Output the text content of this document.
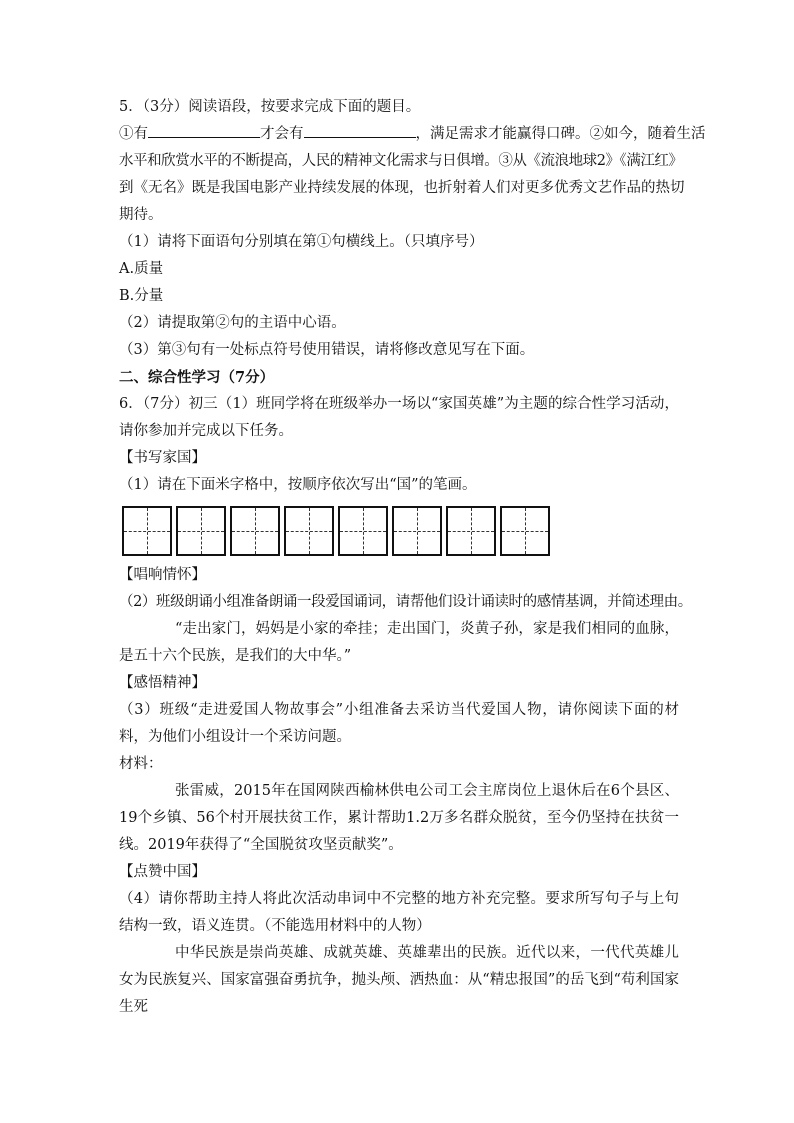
5．（3分）阅读语段，按要求完成下面的题目。
①有	才会有	，满足需求才能赢得口碑。②如今，随着生活
水平和欣赏水平的不断提高，人民的精神文化需求与日俱增。③从《流浪地球2》《满江红》
到《无名》既是我国电影产业持续发展的体现，也折射着人们对更多优秀文艺作品的热切
期待。
（1）请将下面语句分别填在第①句横线上。（只填序号）
A.质量
B.分量
（2）请提取第②句的主语中心语。
（3）第③句有一处标点符号使用错误，请将修改意见写在下面。
二、综合性学习（7分）
6．（7分）初三（1）班同学将在班级举办一场以“家国英雄”为主题的综合性学习活动，请你参加并完成以下任务。
【书写家国】
（1）请在下面米字格中，按顺序依次写出“国”的笔画。
【唱响情怀】
（2）班级朗诵小组准备朗诵一段爱国诵词，请帮他们设计诵读时的感情基调，并简述理由。
“走出家门，妈妈是小家的牵挂；走出国门，炎黄子孙，家是我们相同的血脉，是五十六个民族，是我们的大中华。”
【感悟精神】
（3）班级“走进爱国人物故事会”小组准备去采访当代爱国人物，请你阅读下面的材料，为他们小组设计一个采访问题。
材料：
张雷威，2015年在国网陕西榆林供电公司工会主席岗位上退休后在6个县区、19个乡镇、56个村开展扶贫工作，累计帮助1.2万多名群众脱贫，至今仍坚持在扶贫一线。2019年获得了“全国脱贫攻坚贡献奖”。
【点赞中国】
（4）请你帮助主持人将此次活动串词中不完整的地方补充完整。要求所写句子与上句结构一致，语义连贯。（不能选用材料中的人物）
中华民族是崇尚英雄、成就英雄、英雄辈出的民族。近代以来，一代代英雄儿女为民族复兴、国家富强奋勇抗争，抛头颅、洒热血：从“精忠报国”的岳飞到“苟利国家生死
